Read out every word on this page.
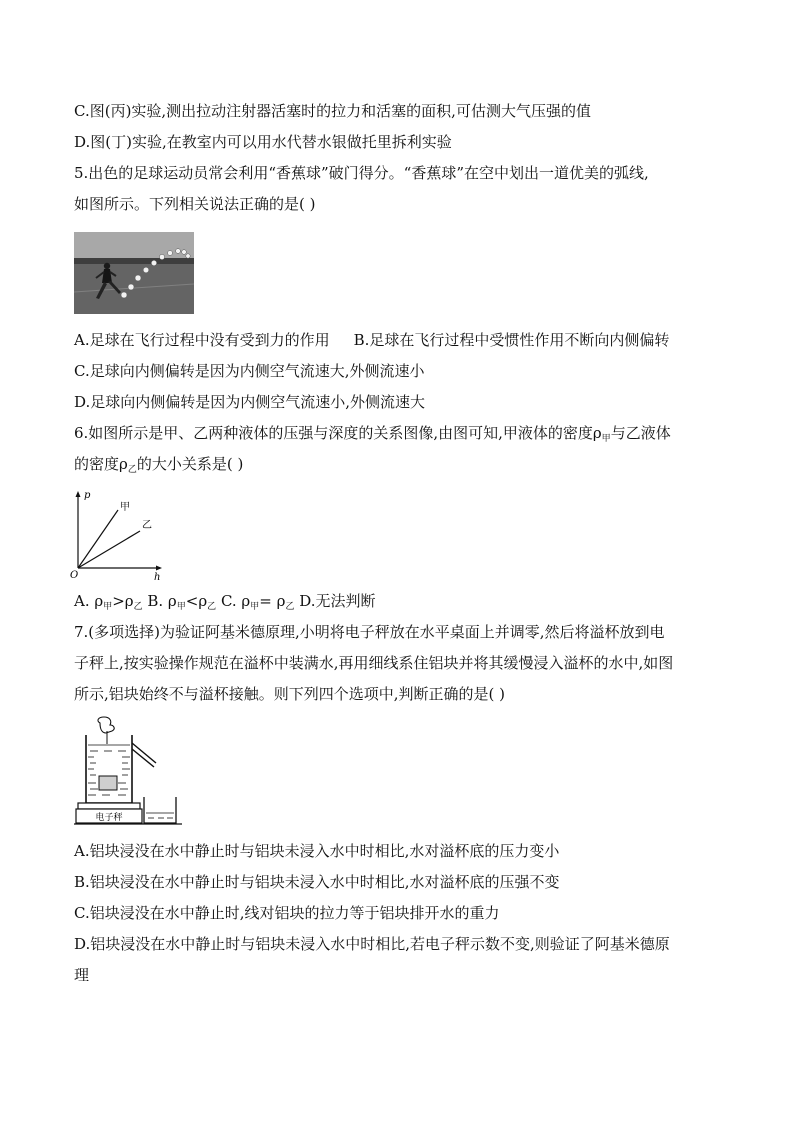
C.图(丙)实验,测出拉动注射器活塞时的拉力和活塞的面积,可估测大气压强的值
D.图(丁)实验,在教室内可以用水代替水银做托里拆利实验
5.出色的足球运动员常会利用“香蕉球”破门得分。“香蕉球”在空中划出一道优美的弧线,
如图所示。下列相关说法正确的是( )
A.足球在飞行过程中没有受到力的作用 B.足球在飞行过程中受惯性作用不断向内侧偏转
C.足球向内侧偏转是因为内侧空气流速大,外侧流速小
D.足球向内侧偏转是因为内侧空气流速小,外侧流速大
6.如图所示是甲、乙两种液体的压强与深度的关系图像,由图可知,甲液体的密度$\rho_甲$与乙液体
的密度$\rho_乙$的大小关系是( )
p
h
O
甲
乙
A. $\rho_甲>\rho_乙$ B. $\rho_甲<\rho_乙$ C. $\rho_甲= \rho_乙$ D.无法判断
7.(多项选择)为验证阿基米德原理,小明将电子秤放在水平桌面上并调零,然后将溢杯放到电
子秤上,按实验操作规范在溢杯中装满水,再用细线系住铝块并将其缓慢浸入溢杯的水中,如图
所示,铝块始终不与溢杯接触。则下列四个选项中,判断正确的是( )
电子秤
A.铝块浸没在水中静止时与铝块未浸入水中时相比,水对溢杯底的压力变小
B.铝块浸没在水中静止时与铝块未浸入水中时相比,水对溢杯底的压强不变
C.铝块浸没在水中静止时,线对铝块的拉力等于铝块排开水的重力
D.铝块浸没在水中静止时与铝块未浸入水中时相比,若电子秤示数不变,则验证了阿基米德原
理
